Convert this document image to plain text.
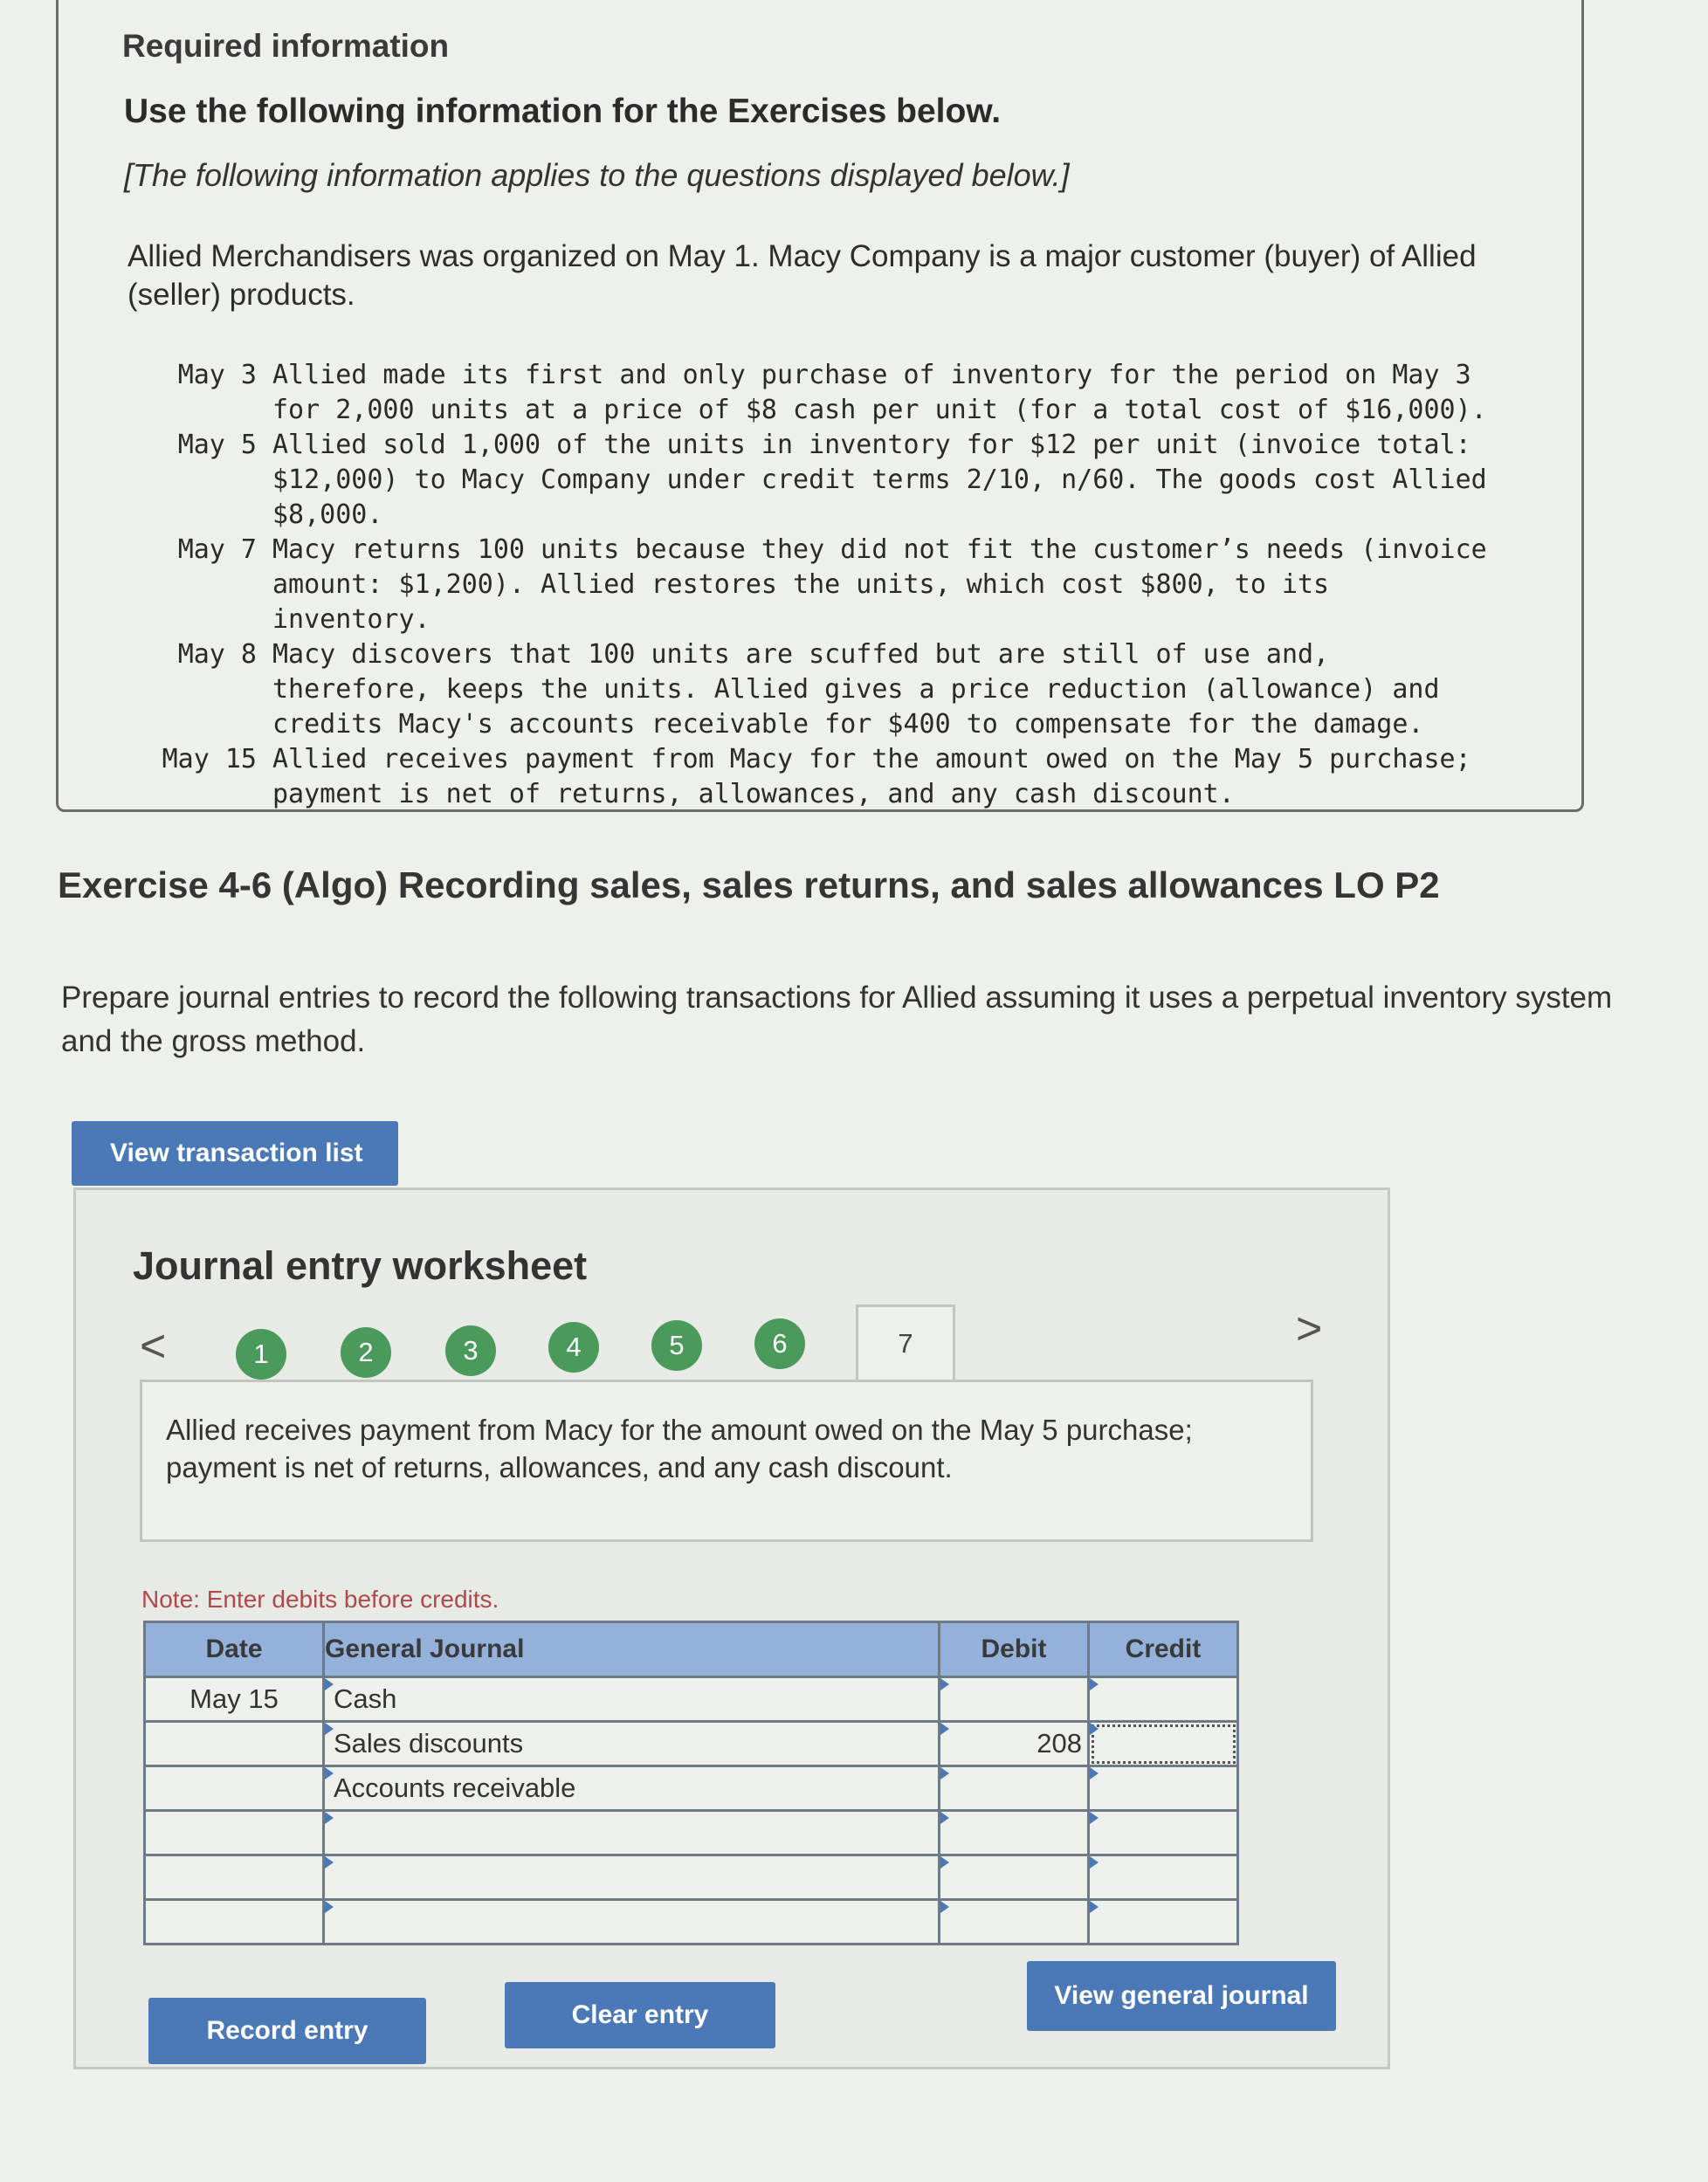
Required information
Use the following information for the Exercises below.
[The following information applies to the questions displayed below.]
Allied Merchandisers was organized on May 1. Macy Company is a major customer (buyer) of Allied (seller) products.
May 3 Allied made its first and only purchase of inventory for the period on May 3 for 2,000 units at a price of $8 cash per unit (for a total cost of $16,000).
May 5 Allied sold 1,000 of the units in inventory for $12 per unit (invoice total: $12,000) to Macy Company under credit terms 2/10, n/60. The goods cost Allied $8,000.
May 7 Macy returns 100 units because they did not fit the customer’s needs (invoice amount: $1,200). Allied restores the units, which cost $800, to its inventory.
May 8 Macy discovers that 100 units are scuffed but are still of use and, therefore, keeps the units. Allied gives a price reduction (allowance) and credits Macy's accounts receivable for $400 to compensate for the damage.
May 15 Allied receives payment from Macy for the amount owed on the May 5 purchase; payment is net of returns, allowances, and any cash discount.
Exercise 4-6 (Algo) Recording sales, sales returns, and sales allowances LO P2
Prepare journal entries to record the following transactions for Allied assuming it uses a perpetual inventory system and the gross method.
View transaction list
Journal entry worksheet
<	>
1	2	3	4	5	6	7
Allied receives payment from Macy for the amount owed on the May 5 purchase; payment is net of returns, allowances, and any cash discount.
Note: Enter debits before credits.
Date	General Journal	Debit	Credit
May 15	Cash		

	Sales discounts	208	

	Accounts receivable		

Record entry
Clear entry
View general journal
